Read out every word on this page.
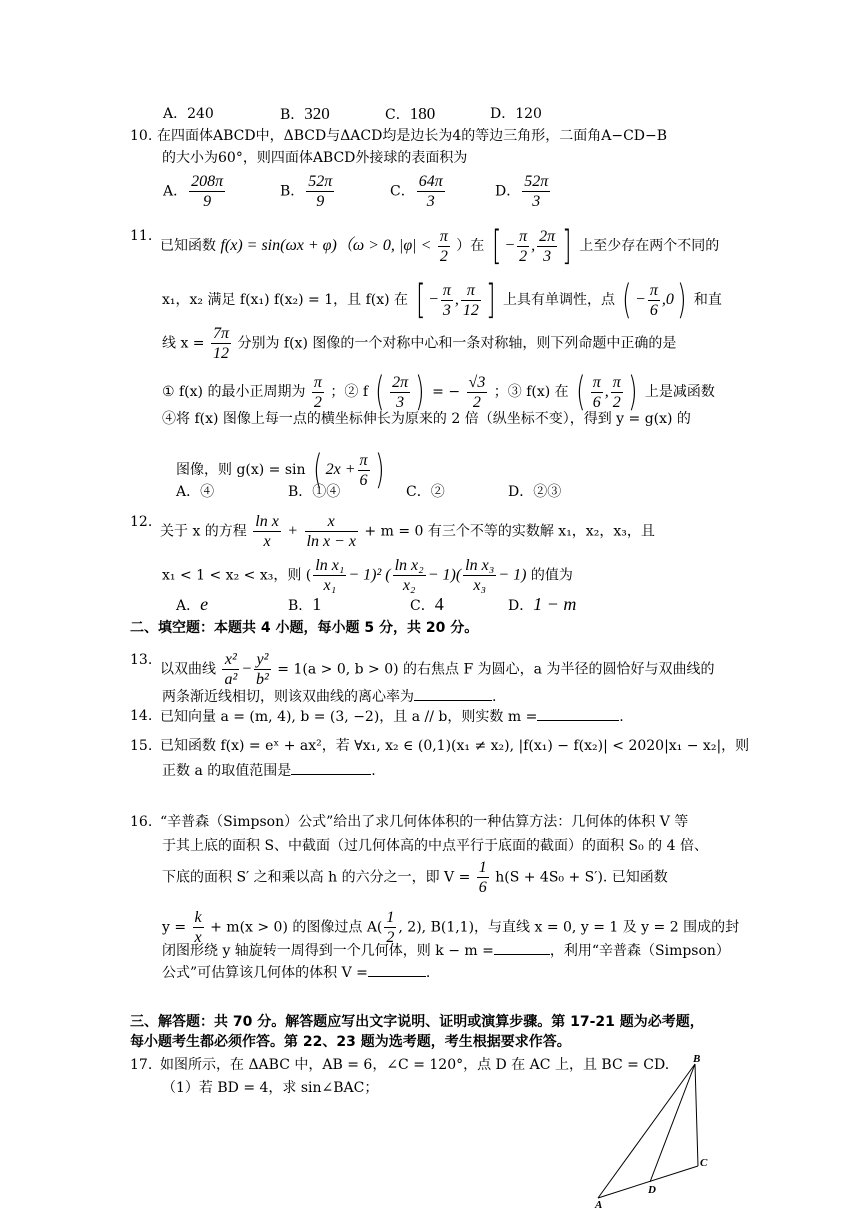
A．240	B．320	C．180	D．120
10. 在四面体ABCD中，ΔBCD与ΔACD均是边长为4的等边三角形，二面角A−CD−B
的大小为60°，则四面体ABCD外接球的表面积为
A． $\frac{208\pi}{9}$	B． $\frac{52\pi}{9}$	C． $\frac{64\pi}{3}$	D． $\frac{52\pi}{3}$
11.
已知函数 f(x) = sin(ωx + φ)（ω > 0, $|\varphi| < \frac{\pi}{2}$ ）在 [ − $\frac{\pi}{2}$ , $\frac{2\pi}{3}$ ] 上至少存在两个不同的
x₁，x₂ 满足 f(x₁) f(x₂) = 1，且 f(x) 在 [ − $\frac{\pi}{3}$ , $\frac{\pi}{12}$ ] 上具有单调性，点 ( − $\frac{\pi}{6} ,0$) 和直
线 $x = \frac{7\pi}{12}$ 分别为 f(x) 图像的一个对称中心和一条对称轴，则下列命题中正确的是
① f(x) 的最小正周期为 $\frac{\pi}{2}$ ；② f ( $\frac{2\pi}{3}$ ) = − $\frac{√3}{2}$ ；③ f(x) 在 ( $\frac{\pi}{6}$ , $\frac{\pi}{2}$ ) 上是减函数
④将 f(x) 图像上每一点的横坐标伸长为原来的 2 倍（纵坐标不变），得到 y = g(x) 的
图像，则 g(x) = sin ( $2x + \frac{\pi}{6}$ )
A．④	B．①④	C．②	D．②③
12.
关于 x 的方程 $\frac{\text{ln x}}{x} + \frac{x}{\text{ln x − x}} + m = 0$ 有三个不等的实数解 x₁，x₂，x₃，且
x₁ < 1 < x₂ < x₃，则 ( $\frac{\text{ln x₁}}{\text{x₁}} - 1)^2$ ( $\frac{\text{ln x₂}}{\text{x₂}} - 1)( \frac{\text{ln x₃}}{\text{x₃}} - 1)$ 的值为
A．e	B．1	C．4	D．1 − m
二、填空题：本题共 4 小题，每小题 5 分，共 20 分。
13.
以双曲线 $\frac{\text{x²}}{\text{a²}} - \frac{\text{y²}}{\text{b²}} = 1(a > 0$, b > 0) 的右焦点 F 为圆心，a 为半径的圆恰好与双曲线的
两条渐近线相切，则该双曲线的离心率为	.
14. 已知向量 a = (m, 4), b = (3, −2)，且 a // b，则实数 m =	.
15. 已知函数 f(x) = eˣ + ax²，若 ∀x₁, x₂ ∈ (0,1)(x₁ ≠ x₂), |f(x₁) − f(x₂)| < 2020|x₁ − x₂|，则
正数 a 的取值范围是	.
16. “辛普森（Simpson）公式”给出了求几何体体积的一种估算方法：几何体的体积 V 等
于其上底的面积 S、中截面（过几何体高的中点平行于底面的截面）的面积 S₀ 的 4 倍、
下底的面积 S′ 之和乘以高 h 的六分之一，即 $V = \frac{1}{6} h(S + 4S_0 + S')$. 已知函数
$y = \frac{k}{x} + m(x > 0)$ 的图像过点 $A( \frac{1}{2}$ , 2), B(1,1)，与直线 x = 0, y = 1 及 y = 2 围成的封
闭图形绕 y 轴旋转一周得到一个几何体，则 k − m =	，利用“辛普森（Simpson）
公式”可估算该几何体的体积 V =	.
三、解答题：共 70 分。解答题应写出文字说明、证明或演算步骤。第 17-21 题为必考题，
每小题考生都必须作答。第 22、23 题为选考题，考生根据要求作答。
17. 如图所示，在 ΔABC 中，AB = 6，∠C = 120°，点 D 在 AC 上，且 BC = CD.
（1）若 BD = 4，求 sin∠BAC；
B
C
D
A
